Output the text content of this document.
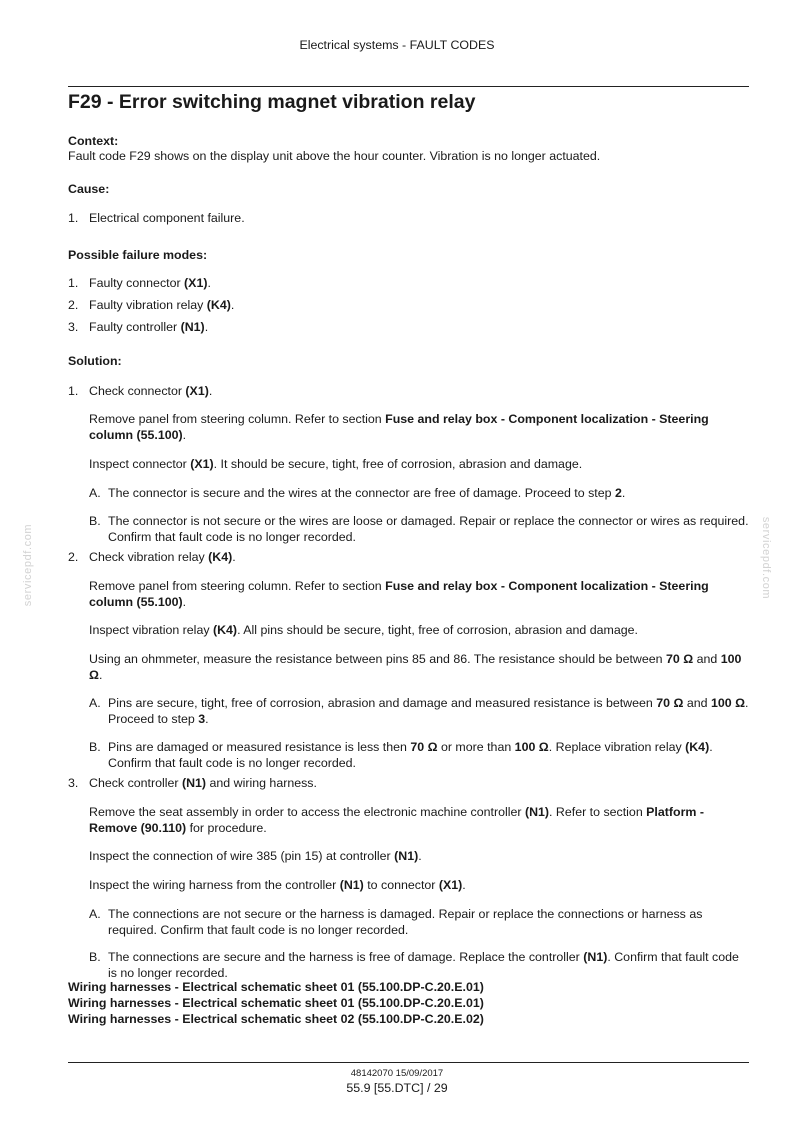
Electrical systems - FAULT CODES
F29 - Error switching magnet vibration relay
Context:
Fault code F29 shows on the display unit above the hour counter. Vibration is no longer actuated.
Cause:
1. Electrical component failure.
Possible failure modes:
1. Faulty connector (X1).
2. Faulty vibration relay (K4).
3. Faulty controller (N1).
Solution:
1. Check connector (X1).
Remove panel from steering column. Refer to section Fuse and relay box - Component localization - Steering column (55.100).
Inspect connector (X1). It should be secure, tight, free of corrosion, abrasion and damage.
A. The connector is secure and the wires at the connector are free of damage. Proceed to step 2.
B. The connector is not secure or the wires are loose or damaged. Repair or replace the connector or wires as required. Confirm that fault code is no longer recorded.
2. Check vibration relay (K4).
Remove panel from steering column. Refer to section Fuse and relay box - Component localization - Steering column (55.100).
Inspect vibration relay (K4). All pins should be secure, tight, free of corrosion, abrasion and damage.
Using an ohmmeter, measure the resistance between pins 85 and 86. The resistance should be between 70 Ω and 100 Ω.
A. Pins are secure, tight, free of corrosion, abrasion and damage and measured resistance is between 70 Ω and 100 Ω. Proceed to step 3.
B. Pins are damaged or measured resistance is less then 70 Ω or more than 100 Ω. Replace vibration relay (K4). Confirm that fault code is no longer recorded.
3. Check controller (N1) and wiring harness.
Remove the seat assembly in order to access the electronic machine controller (N1). Refer to section Platform - Remove (90.110) for procedure.
Inspect the connection of wire 385 (pin 15) at controller (N1).
Inspect the wiring harness from the controller (N1) to connector (X1).
A. The connections are not secure or the harness is damaged. Repair or replace the connections or harness as required. Confirm that fault code is no longer recorded.
B. The connections are secure and the harness is free of damage. Replace the controller (N1). Confirm that fault code is no longer recorded.
Wiring harnesses - Electrical schematic sheet 01 (55.100.DP-C.20.E.01)
Wiring harnesses - Electrical schematic sheet 01 (55.100.DP-C.20.E.01)
Wiring harnesses - Electrical schematic sheet 02 (55.100.DP-C.20.E.02)
servicepdf.com	servicepdf.com
48142070 15/09/2017
55.9 [55.DTC] / 29
